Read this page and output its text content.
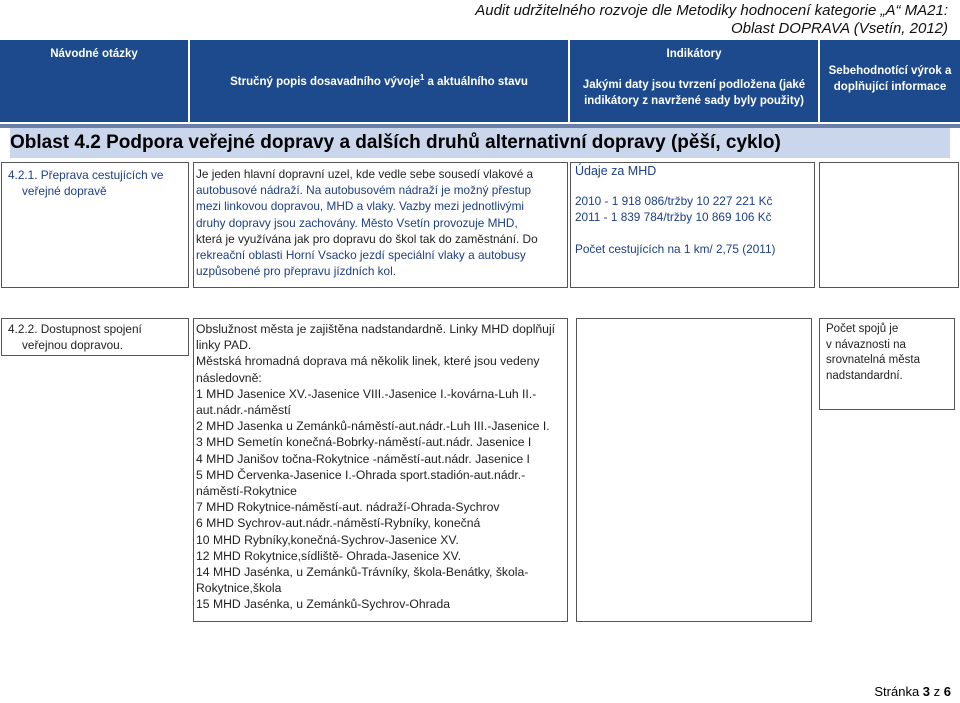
Audit udržitelného rozvoje dle Metodiky hodnocení kategorie „A“ MA21:
Oblast DOPRAVA (Vsetín, 2012)
Návodné otázky
Stručný popis dosavadního vývoje$^1$ a aktuálního stavu
Indikátory
Jakými daty jsou tvrzení podložena (jaké
indikátory z navržené sady byly použity)
Sebehodnotící výrok a
doplňující informace
Oblast 4.2 Podpora veřejné dopravy a dalších druhů alternativní dopravy (pěší, cyklo)
4.2.1. Přeprava cestujících ve
veřejné dopravě

Je jeden hlavní dopravní uzel, kde vedle sebe sousedí vlakové a

autobusové nádraží. Na autobusovém nádraží je možný přestup

mezi linkovou dopravou, MHD a vlaky. Vazby mezi jednotlivými

druhy dopravy jsou zachovány. Město Vsetín provozuje MHD,

která je využívána jak pro dopravu do škol tak do zaměstnání. Do

rekreační oblasti Horní Vsacko jezdí speciální vlaky a autobusy

uzpůsobené pro přepravu jízdních kol.

Údaje za MHD

2010 - 1 918 086/tržby 10 227 221 Kč

2011 - 1 839 784/tržby 10 869 106 Kč

Počet cestujících na 1 km/ 2,75 (2011)

4.2.2. Dostupnost spojení
veřejnou dopravou.

Obslužnost města je zajištěna nadstandardně. Linky MHD doplňují

linky PAD.

Městská hromadná doprava má několik linek, které jsou vedeny

následovně:

1 MHD Jasenice XV.-Jasenice VIII.-Jasenice I.-kovárna-Luh II.-

aut.nádr.-náměstí

2 MHD Jasenka u Zemánků-náměstí-aut.nádr.-Luh III.-Jasenice I.

3 MHD Semetín konečná-Bobrky-náměstí-aut.nádr. Jasenice I

4 MHD Janišov točna-Rokytnice -náměstí-aut.nádr. Jasenice I

5 MHD Červenka-Jasenice I.-Ohrada sport.stadión-aut.nádr.-

náměstí-Rokytnice

7 MHD Rokytnice-náměstí-aut. nádraží-Ohrada-Sychrov

6 MHD Sychrov-aut.nádr.-náměstí-Rybníky, konečná

10 MHD Rybníky,konečná-Sychrov-Jasenice XV.

12 MHD Rokytnice,sídliště- Ohrada-Jasenice XV.

14 MHD Jasénka, u Zemánků-Trávníky, škola-Benátky, škola-

Rokytnice,škola

15 MHD Jasénka, u Zemánků-Sychrov-Ohrada

Počet spojů je

v návaznosti na

srovnatelná města

nadstandardní.

Stránka 3 z 6
